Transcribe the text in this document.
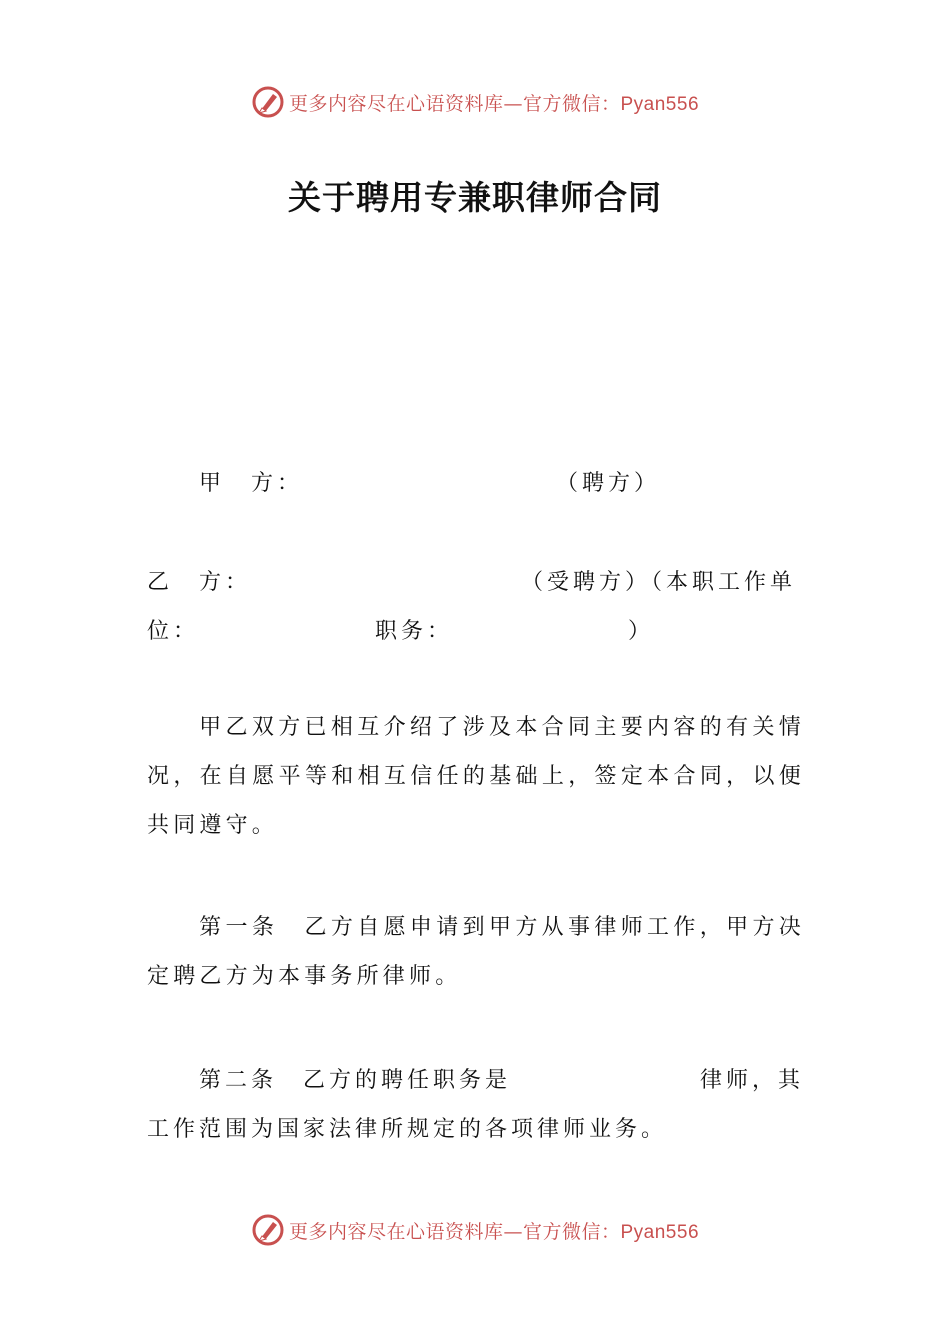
更多内容尽在心语资料库—官方微信：Pyan556
关于聘用专兼职律师合同
甲　方：	（聘方）
乙　方：	（受聘方）（本职工作单
位：	职务：	）
甲乙双方已相互介绍了涉及本合同主要内容的有关情况，在自愿平等和相互信任的基础上，签定本合同，以便共同遵守。
第一条　乙方自愿申请到甲方从事律师工作，甲方决定聘乙方为本事务所律师。
第二条　乙方的聘任职务是	律师，其
工作范围为国家法律所规定的各项律师业务。
更多内容尽在心语资料库—官方微信：Pyan556
